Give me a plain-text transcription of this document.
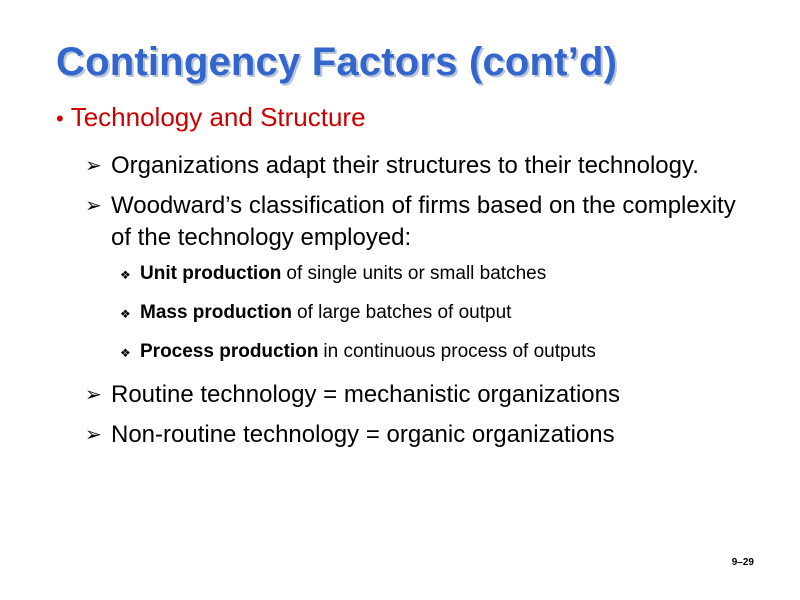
Contingency Factors (cont’d)
• Technology and Structure
➢ Organizations adapt their structures to their technology.
➢ Woodward’s classification of firms based on the complexity of the technology employed:
❖ Unit production of single units or small batches
❖ Mass production of large batches of output
❖ Process production in continuous process of outputs
➢ Routine technology = mechanistic organizations
➢ Non-routine technology = organic organizations
9–29
